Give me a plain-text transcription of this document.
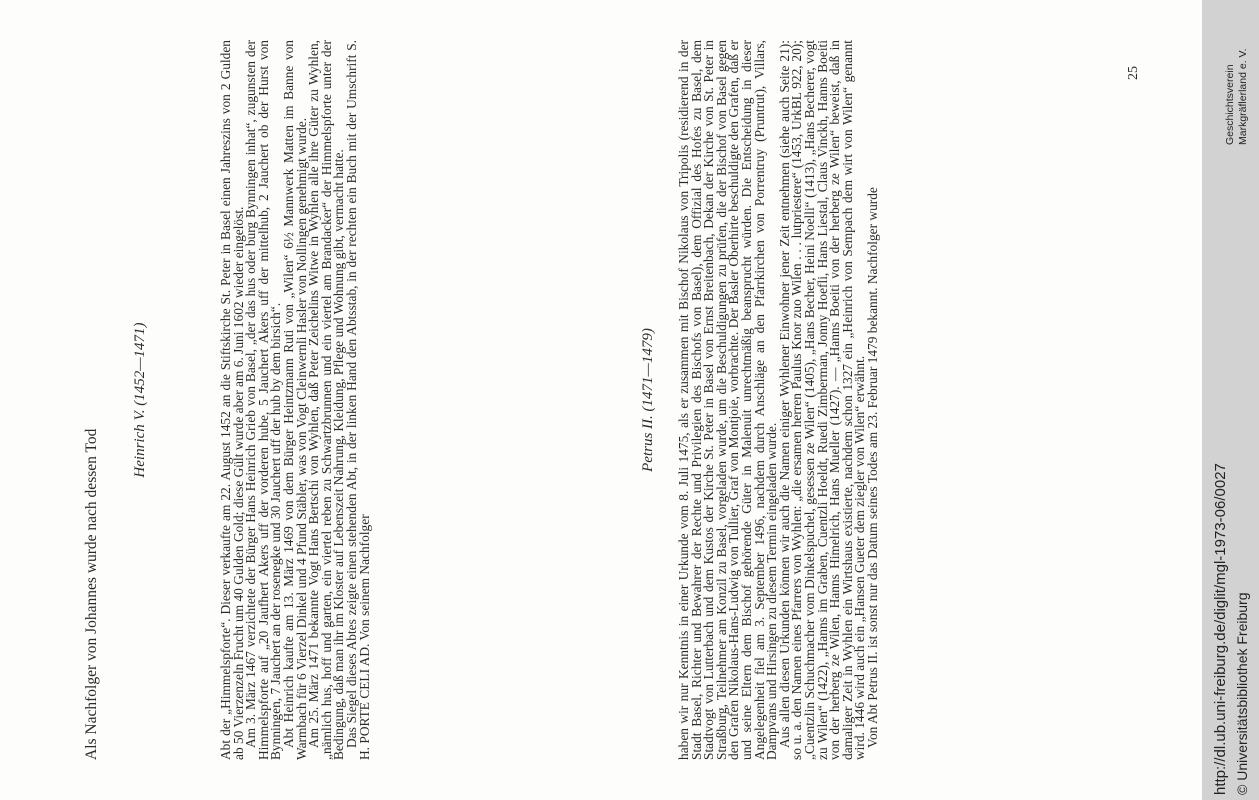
Als Nachfolger von Johannes wurde nach dessen Tod
Heinrich V. (1452—1471)	Abt der „Himmelspforte“. Dieser verkaufte am 22. August 1452 an die Stiftskirche St. Peter in Basel einen Jahreszins von 2 Gulden ab 50 Vierzenzeln Frucht um 40 Gulden Gold; diese Gült wurde aber am 6. Juni 1602 wieder eingelöst.

Am 3. März 1467 verzichtete der Bürger Hans Heinrich Grieb von Basel, „der das hus oder burg Bynningen inhat“, zugunsten der Himmelspforte auf „20 Jaufhert Akers uff der vorderen hube, 5 Jauchert Akers uff der mittelhub, 2 Jauchert ob der Hurst von Bynningen, 7 Jauchert an der rosenegke und 30 Jauchert uff der hub by dem birsich“.

Abt Heinrich kaufte am 13. März 1469 von dem Bürger Heintzmann Ruti von „Wilen“ 6½ Mannwerk Matten im Banne von Warmbach für 6 Vierzel Dinkel und 4 Pfund Stäbler, was von Vogt Cleinwernli Hasler von Nollingen genehmigt wurde.

Am 25. März 1471 bekannte Vogt Hans Bertschi von Wyhlen, daß Peter Zeichelins Witwe in Wyhlen alle ihre Güter zu Wyhlen, „nämlich hus, hoff und garten, ein viertel reben zu Schwartzbrunnen und ein viertel am Brandacker“ der Himmelspforte unter der Bedingung, daß man ihr im Kloster auf Lebenszeit Nahrung, Kleidung, Pflege und Wohnung gibt, vermacht hatte.

Das Siegel dieses Abtes zeigte einen stehenden Abt, in der linken Hand den Abtsstab, in der rechten ein Buch mit der Umschrift S. H. PORTE CELI AD. Von seinem Nachfolger

Petrus II. (1471—1479) haben wir nur Kenntnis in einer Urkunde vom 8. Juli 1475, als er zusammen mit Bischof Nikolaus von Tripolis (residierend in der Stadt Basel, Richter und Bewahrer der Rechte und Privilegien des Bischofs von Basel), dem Offizial des Hofes zu Basel, dem Stadtvogt von Lutterbach und dem Kustos der Kirche St. Peter in Basel von Ernst Breitenbach, Dekan der Kirche von St. Peter in Straßburg, Teilnehmer am Konzil zu Basel, vorgeladen wurde, um die Beschuldigungen zu prüfen, die der Bischof von Basel gegen den Grafen Nikolaus-Hans-Ludwig von Tullier, Graf von Montjoie, vorbrachte. Der Basler Oberhirte beschuldigte den Grafen, daß er und seine Eltern dem Bischof gehörende Güter in Malenuit unrechtmäßig beansprucht würden. Die Entscheidung in dieser Angelegenheit fiel am 3. September 1496, nachdem durch Anschläge an den Pfarrkirchen von Porrentruy (Pruntrut), Villars, Dampvans und Hirsingen zu diesem Termin eingeladen wurde.

Aus allen diesen Urkunden können wir auch die Namen einiger Wyhlener Einwohner jener Zeit entnehmen (siehe auch Seite 21): so u. a. den Namen eines Pfarrers von Wyhlen: „die ersamen herren Paulus Knor zuo Wilen . . . lutpriestere“ (1453, UrkBL 922, 20); „Cuentzlin Schuchmacher vom Dinkelspuchel, gesessen ze Wilen“ (1405), „Hans Becher, Heini Noelli“ (1413), „Hans Becherer, vogt zu Wilen“ (1422), „Hanns im Graben, Cuentzli Hoeldt, Ruedi Zimberman, Jonny Hoefli, Hans Liestal, Claus Vinckh, Hanns Boeiti von der herberg ze Wilen, Hanns Himelrich, Hans Mueller (1427). — „Hanns Boeiti von der herberg ze Wilen“ beweist, daß in damaliger Zeit in Wyhlen ein Wirtshaus existierte, nachdem schon 1327 ein „Heinrich von Sempach dem wirt von Wilen“ genannt wird. 1446 wird auch ein „Hansen Gueter dem ziegler von Wilen“ erwähnt.

Von Abt Petrus II. ist sonst nur das Datum seines Todes am 23. Februar 1479 bekannt. Nachfolger wurde

25
http://dl.ub.uni-freiburg.de/diglit/mgl-1973-06/0027 © Universitätsbibliothek Freiburg
Geschichtsverein Markgräflerland e. V.
